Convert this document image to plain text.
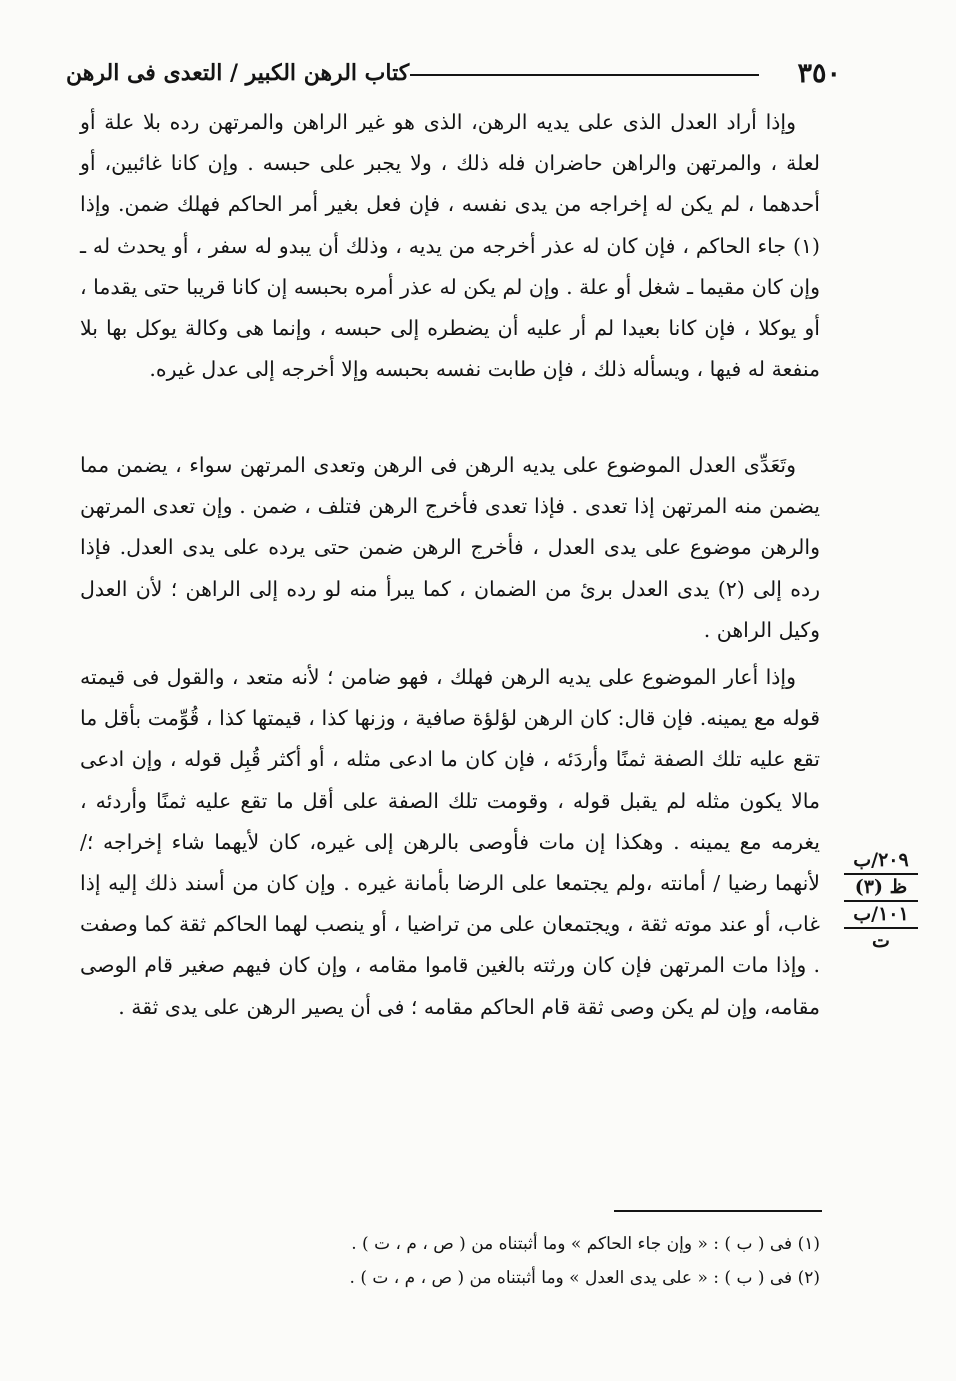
٣٥٠
كتاب الرهن الكبير / التعدى فى الرهن

وإذا أراد العدل الذى على يديه الرهن، الذى هو غير الراهن والمرتهن رده بلا علة أو لعلة ، والمرتهن والراهن حاضران فله ذلك ، ولا يجبر على حبسه . وإن كانا غائبين، أو أحدهما ، لم يكن له إخراجه من يدى نفسه ، فإن فعل بغير أمر الحاكم فهلك ضمن. وإذا (١) جاء الحاكم ، فإن كان له عذر أخرجه من يديه ، وذلك أن يبدو له سفر ، أو يحدث له ـ وإن كان مقيما ـ شغل أو علة . وإن لم يكن له عذر أمره بحبسه إن كانا قريبا حتى يقدما ، أو يوكلا ، فإن كانا بعيدا لم أر عليه أن يضطره إلى حبسه ، وإنما هى وكالة يوكل بها بلا منفعة له فيها ، ويسأله ذلك ، فإن طابت نفسه بحبسه وإلا أخرجه إلى عدل غيره.

وتَعَدِّى العدل الموضوع على يديه الرهن فى الرهن وتعدى المرتهن سواء ، يضمن مما يضمن منه المرتهن إذا تعدى . فإذا تعدى فأخرج الرهن فتلف ، ضمن . وإن تعدى المرتهن والرهن موضوع على يدى العدل ، فأخرج الرهن ضمن حتى يرده على يدى العدل. فإذا رده إلى (٢) يدى العدل برئ من الضمان ، كما يبرأ منه لو رده إلى الراهن ؛ لأن العدل وكيل الراهن .

وإذا أعار الموضوع على يديه الرهن فهلك ، فهو ضامن ؛ لأنه متعد ، والقول فى قيمته قوله مع يمينه. فإن قال: كان الرهن لؤلؤة صافية ، وزنها كذا ، قيمتها كذا ، قُوِّمت بأقل ما تقع عليه تلك الصفة ثمنًا وأردَئه ، فإن كان ما ادعى مثله ، أو أكثر قُبِل قوله ، وإن ادعى مالا يكون مثله لم يقبل قوله ، وقومت تلك الصفة على أقل ما تقع عليه ثمنًا وأردئه ، يغرمه مع يمينه . وهكذا إن مات فأوصى بالرهن إلى غيره، كان لأيهما شاء إخراجه ؛/ لأنهما رضيا / أمانته ،ولم يجتمعا على الرضا بأمانة غيره . وإن كان من أسند ذلك إليه إذا غاب، أو عند موته ثقة ، ويجتمعان على من تراضيا ، أو ينصب لهما الحاكم ثقة كما وصفت . وإذا مات المرتهن فإن كان ورثته بالغين قاموا مقامه ، وإن كان فيهم صغير قام الوصى مقامه، وإن لم يكن وصى ثقة قام الحاكم مقامه ؛ فى أن يصير الرهن على يدى ثقة .

٢٠٩/ب
ظ (٣)
١٠١/ب
ت

(١) فى ( ب ) : « وإن جاء الحاكم » وما أثبتناه من ( ص ، م ، ت ) .

(٢) فى ( ب ) : « على يدى العدل » وما أثبتناه من ( ص ، م ، ت ) .
